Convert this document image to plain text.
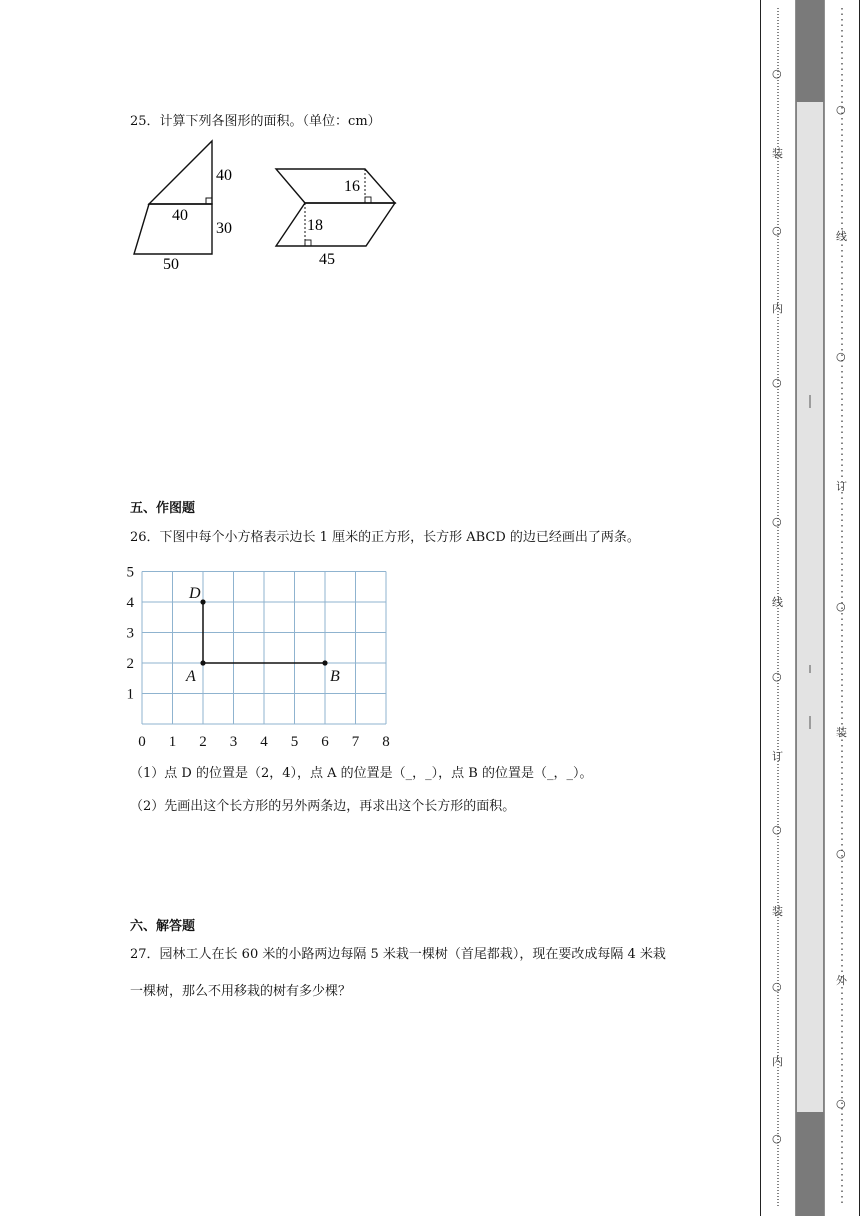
25．计算下列各图形的面积。（单位：cm）
40
40
30
50
16
18
45
五、作图题
26．下图中每个小方格表示边长 1 厘米的正方形，长方形 ABCD 的边已经画出了两条。
0 1 2 3 4 5 6 7 8
1
2
3
4
5
D
A	B
（1）点 D 的位置是（2，4），点 A 的位置是（_，_），点 B 的位置是（_，_）。
（2）先画出这个长方形的另外两条边，再求出这个长方形的面积。
六、解答题
27．园林工人在长 60 米的小路两边每隔 5 米栽一棵树（首尾都栽），现在要改成每隔 4 米栽
一棵树，那么不用移栽的树有多少棵？
○
装
○
内
○
○
线
○
订
○
装
○
内
○
○
线
○
订
○
装
○
外
○
